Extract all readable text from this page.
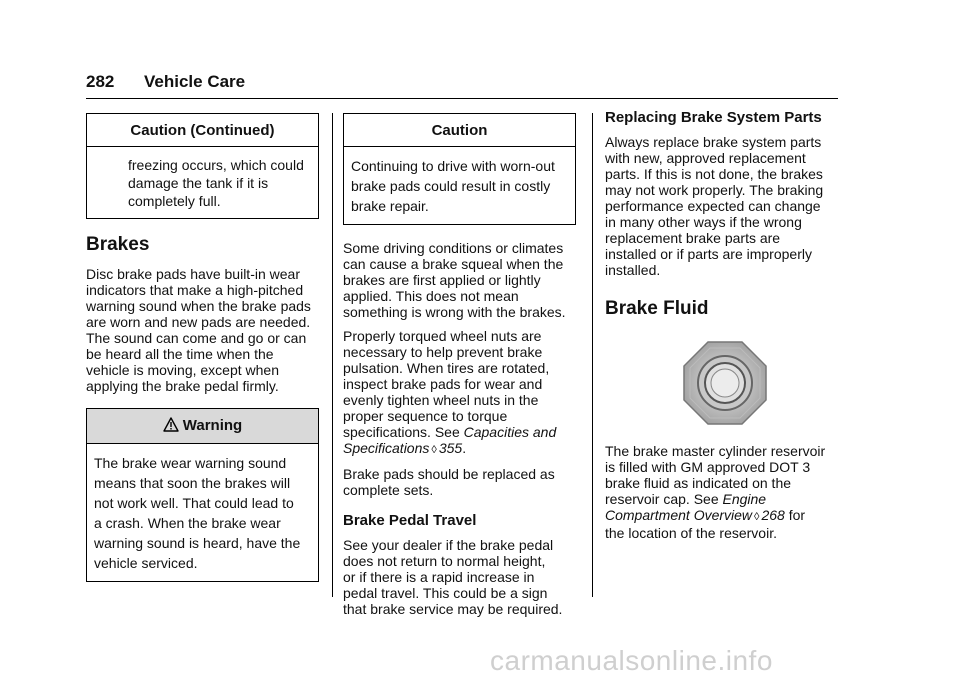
282 Vehicle Care
Caution (Continued)
freezing occurs, which could
damage the tank if it is
completely full.
Brakes

Disc brake pads have built-in wear
indicators that make a high-pitched
warning sound when the brake pads
are worn and new pads are needed.
The sound can come and go or can
be heard all the time when the
vehicle is moving, except when
applying the brake pedal firmly.

Warning
The brake wear warning sound
means that soon the brakes will
not work well. That could lead to
a crash. When the brake wear
warning sound is heard, have the
vehicle serviced.
Caution
Continuing to drive with worn-out
brake pads could result in costly
brake repair.

Some driving conditions or climates
can cause a brake squeal when the
brakes are first applied or lightly
applied. This does not mean
something is wrong with the brakes.

Properly torqued wheel nuts are
necessary to help prevent brake
pulsation. When tires are rotated,
inspect brake pads for wear and
evenly tighten wheel nuts in the
proper sequence to torque
specifications. See Capacities and
Specifications ◊ 355.

Brake pads should be replaced as
complete sets.

Brake Pedal Travel

See your dealer if the brake pedal
does not return to normal height,
or if there is a rapid increase in
pedal travel. This could be a sign
that brake service may be required.

Replacing Brake System Parts

Always replace brake system parts
with new, approved replacement
parts. If this is not done, the brakes
may not work properly. The braking
performance expected can change
in many other ways if the wrong
replacement brake parts are
installed or if parts are improperly
installed.

Brake Fluid

The brake master cylinder reservoir
is filled with GM approved DOT 3
brake fluid as indicated on the
reservoir cap. See Engine
Compartment Overview ◊ 268 for
the location of the reservoir.

carmanualsonline.info
